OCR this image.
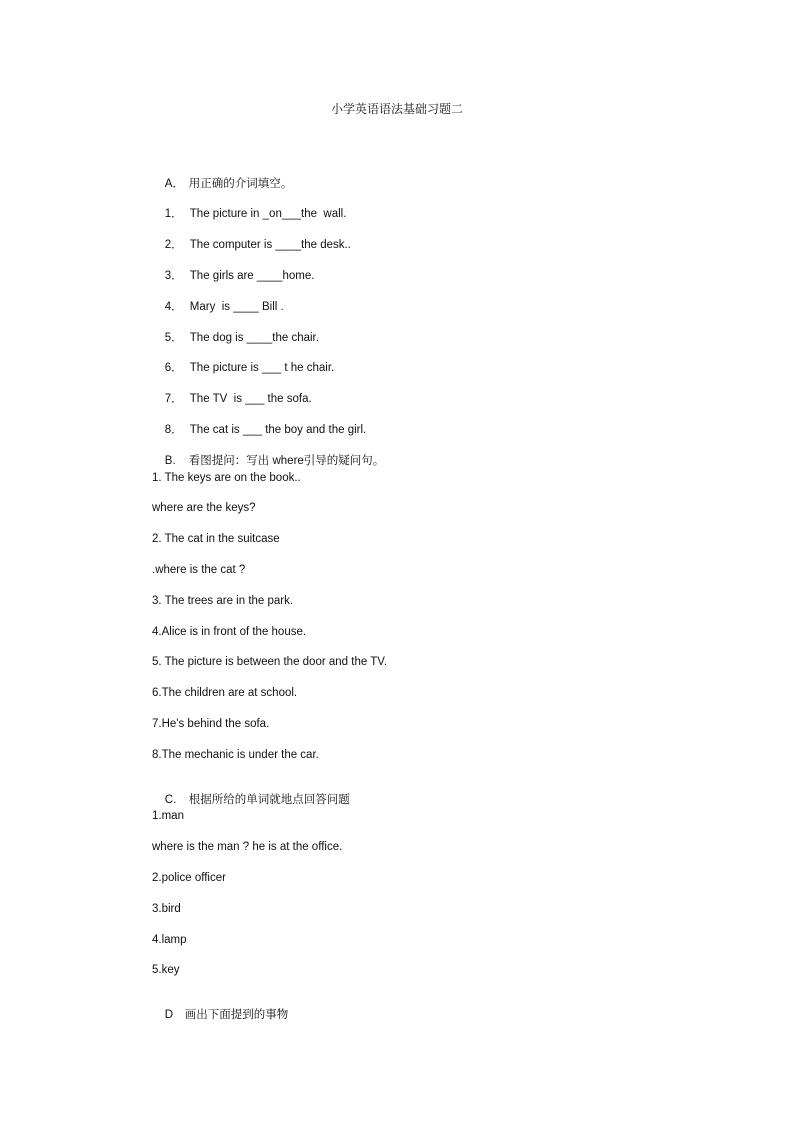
小学英语语法基础习题二

A． 用正确的介词填空。

1． The picture in _on___the  wall.

2． The computer is ____the desk..

3． The girls are ____home.

4． Mary  is ____ Bill .

5． The dog is ____the chair.

6． The picture is ___ t he chair.

7． The TV  is ___ the sofa.

8． The cat is ___ the boy and the girl.

B. 看图提问：写出 where引导的疑问句。

1. The keys are on the book..
where are the keys?
2. The cat in the suitcase
.where is the cat ?
3. The trees are in the park.
4.Alice is in front of the house.
5. The picture is between the door and the TV.
6.The children are at school.
7.He's behind the sofa.
8.The mechanic is under the car.

C. 根据所给的单词就地点回答问题

1.man
where is the man ? he is at the office.
2.police officer
3.bird
4.lamp
5.key

D 画出下面提到的事物
